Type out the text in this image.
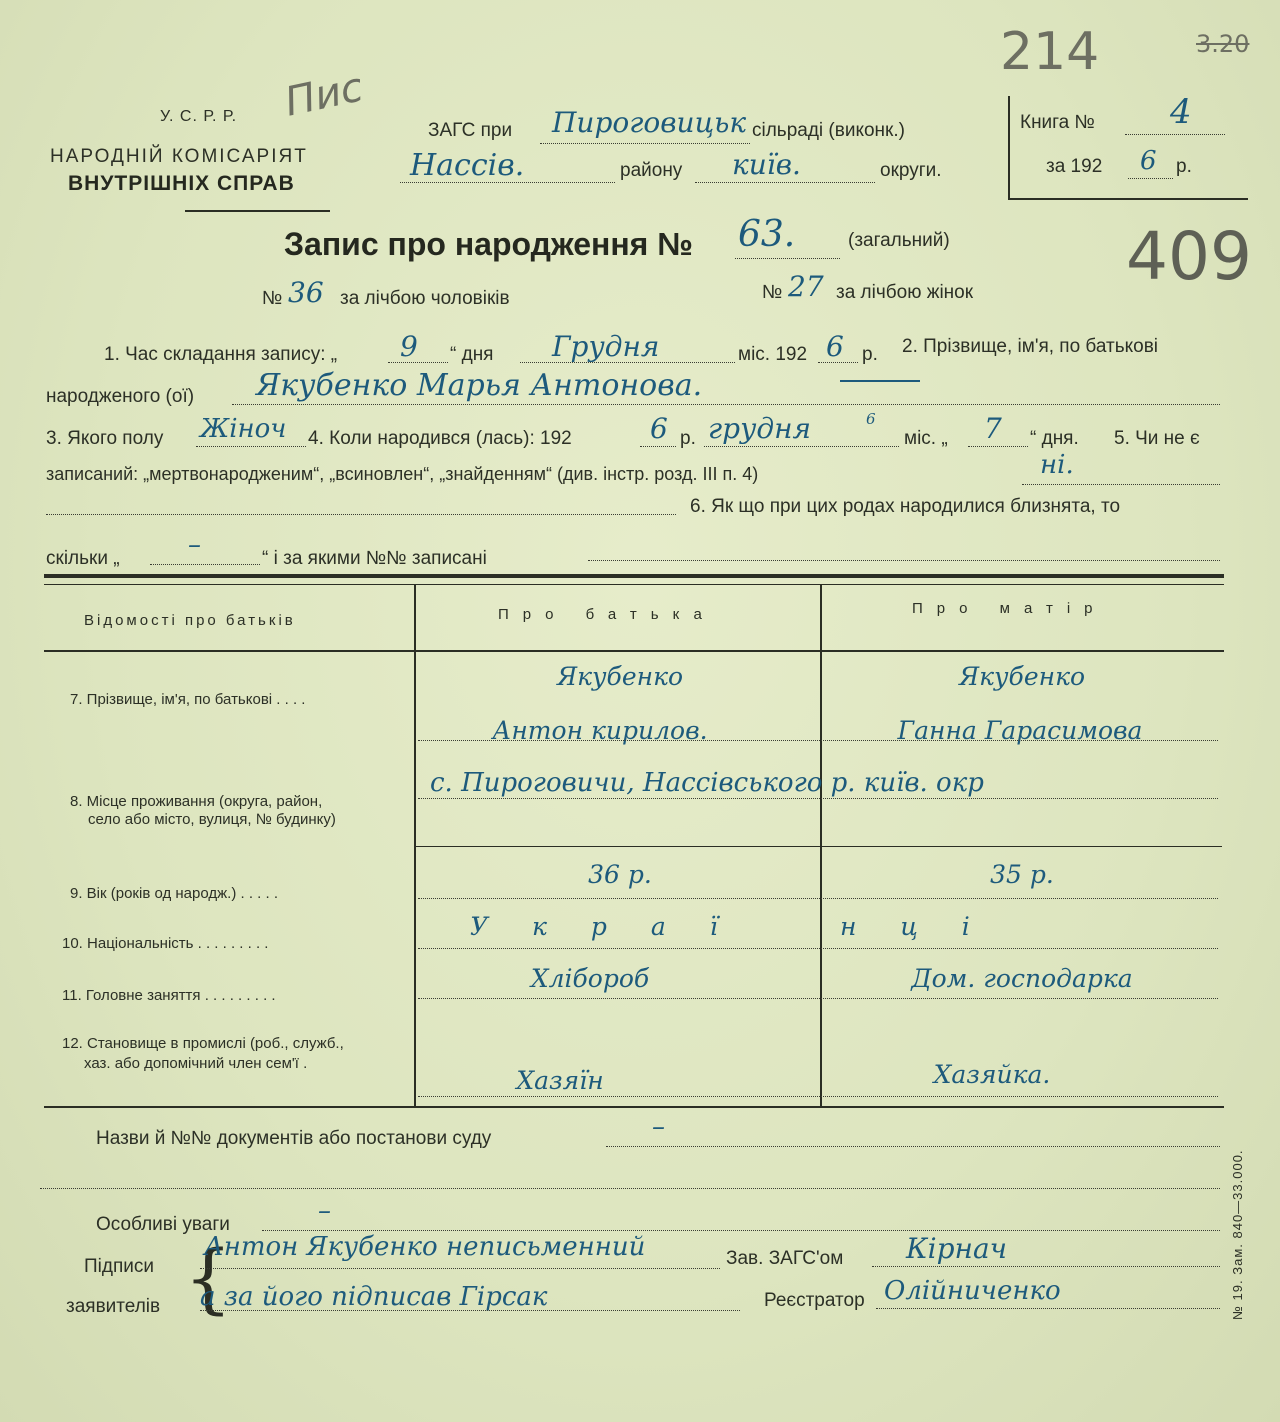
У. С. Р. Р.
НАРОДНІЙ КОМІСАРІЯТ
ВНУТРІШНІХ СПРАВ
Пис
ЗАГС при Пироговицьк сільраді (виконк.)
Нассів.	району київ.	округи.
Книга № 4
за 192 6 р.
214	3.20
409
Запис про народження № 63.	(загальний)
№ 36 за лічбою чоловіків	№ 27 за лічбою жінок
1. Час складання запису: „ 9 “ дня Грудня	міс. 192 6 р. 2. Прізвище, ім'я, по батькові
народженого (ої) Якубенко Марья Антонова.
3. Якого полу Жіноч 4. Коли народився (лась): 192	6 р. грудня	6
міс. „ 7 “ дня. 5. Чи не є
записаний: „мертвонародженим“, „всиновлен“, „знайденням“ (див. інстр. розд. III п. 4)	ні.
6. Як що при цих родах народилися близнята, то
скільки „	–	“ і за якими №№ записані
Відомості про батьків	Про батька	Про матір
7. Прізвище, ім'я, по батькові . . . .
Якубенко	Якубенко
Антон кирилов.	Ганна Гарасимова
8. Місце проживання (округа, район,
село або місто, вулиця, № будинку)
с. Пироговичи, Нассівського р. київ. окр
9. Вік (років од народж.) . . . . .
36 р.	35 р.
10. Національність . . . . . . . . .
У к р а ї	н ц і
11. Головне заняття . . . . . . . . .
Хлібороб	Дом. господарка
12. Становище в промислі (роб., служб.,
хаз. або допомічний член сем'ї .
Хазяїн	Хазяйка.
Назви й №№ документів або постанови суду	–
Особливі уваги	–
Підписи
заявителів {
Антон Якубенко неписьменний
а за його підписав Гірсак
Зав. ЗАГС'ом Кірнач
Реєстратор Олійниченко	№ 19. Зам. 840—33.000.
